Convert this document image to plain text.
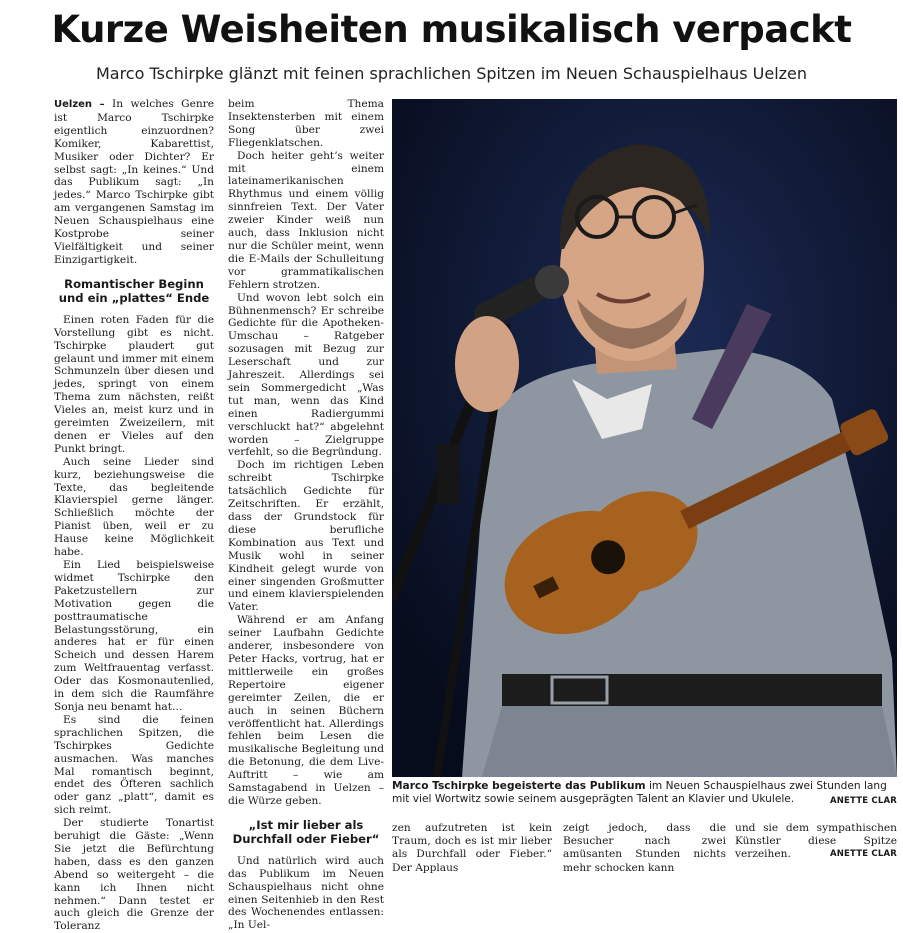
Kurze Weisheiten musikalisch verpackt
Marco Tschirpke glänzt mit feinen sprachlichen Spitzen im Neuen Schauspielhaus Uelzen

Uelzen – In welches Genre ist Marco Tschirpke eigentlich einzuordnen? Komiker, Kabarettist, Musiker oder Dichter? Er selbst sagt: „In keines.“ Und das Publikum sagt: „In jedes.“ Marco Tschirpke gibt am vergangenen Samstag im Neuen Schauspielhaus eine Kostprobe seiner Vielfältigkeit und seiner Einzigartigkeit.

Romantischer Beginn und ein „plattes“ Ende

Einen roten Faden für die Vorstellung gibt es nicht. Tschirpke plaudert gut gelaunt und immer mit einem Schmunzeln über diesen und jedes, springt von einem Thema zum nächsten, reißt Vieles an, meist kurz und in gereimten Zweizeilern, mit denen er Vieles auf den Punkt bringt.

Auch seine Lieder sind kurz, beziehungsweise die Texte, das begleitende Klavierspiel gerne länger. Schließlich möchte der Pianist üben, weil er zu Hause keine Möglichkeit habe.

Ein Lied beispielsweise widmet Tschirpke den Paketzustellern zur Motivation gegen die posttraumatische Belastungsstörung, ein anderes hat er für einen Scheich und dessen Harem zum Weltfrauentag verfasst. Oder das Kosmonautenlied, in dem sich die Raumfähre Sonja neu benamt hat…

Es sind die feinen sprachlichen Spitzen, die Tschirpkes Gedichte ausmachen. Was manches Mal romantisch beginnt, endet des Öfteren sachlich oder ganz „platt“, damit es sich reimt.

Der studierte Tonartist beruhigt die Gäste: „Wenn Sie jetzt die Befürchtung haben, dass es den ganzen Abend so weitergeht – die kann ich Ihnen nicht nehmen.“ Dann testet er auch gleich die Grenze der Toleranz

beim Thema Insektensterben mit einem Song über zwei Fliegenklatschen.

Doch heiter geht’s weiter mit einem lateinamerikanischen Rhythmus und einem völlig sinnfreien Text. Der Vater zweier Kinder weiß nun auch, dass Inklusion nicht nur die Schüler meint, wenn die E-Mails der Schulleitung vor grammatikalischen Fehlern strotzen.

Und wovon lebt solch ein Bühnenmensch? Er schreibe Gedichte für die Apotheken-Umschau – Ratgeber sozusagen mit Bezug zur Leserschaft und zur Jahreszeit. Allerdings sei sein Sommergedicht „Was tut man, wenn das Kind einen Radiergummi verschluckt hat?“ abgelehnt worden – Zielgruppe verfehlt, so die Begründung.

Doch im richtigen Leben schreibt Tschirpke tatsächlich Gedichte für Zeitschriften. Er erzählt, dass der Grundstock für diese berufliche Kombination aus Text und Musik wohl in seiner Kindheit gelegt wurde von einer singenden Großmutter und einem klavierspielenden Vater.

Während er am Anfang seiner Laufbahn Gedichte anderer, insbesondere von Peter Hacks, vortrug, hat er mittlerweile ein großes Repertoire eigener gereimter Zeilen, die er auch in seinen Büchern veröffentlicht hat. Allerdings fehlen beim Lesen die musikalische Begleitung und die Betonung, die dem Live-Auftritt – wie am Samstagabend in Uelzen – die Würze geben.

„Ist mir lieber als Durchfall oder Fieber“

Und natürlich wird auch das Publikum im Neuen Schauspielhaus nicht ohne einen Seitenhieb in den Rest des Wochenendes entlassen: „In Uel-

Marco Tschirpke begeisterte das Publikum im Neuen Schauspielhaus zwei Stunden lang mit viel Wortwitz sowie seinem ausgeprägten Talent an Klavier und Ukulele.	ANETTE CLAR
zen aufzutreten ist kein Traum, doch es ist mir lieber als Durchfall oder Fieber.“ Der Applaus
zeigt jedoch, dass die Besucher nach zwei amüsanten Stunden nichts mehr schocken kann
und sie dem sympathischen Künstler diese Spitze verzeihen.	ANETTE CLAR
